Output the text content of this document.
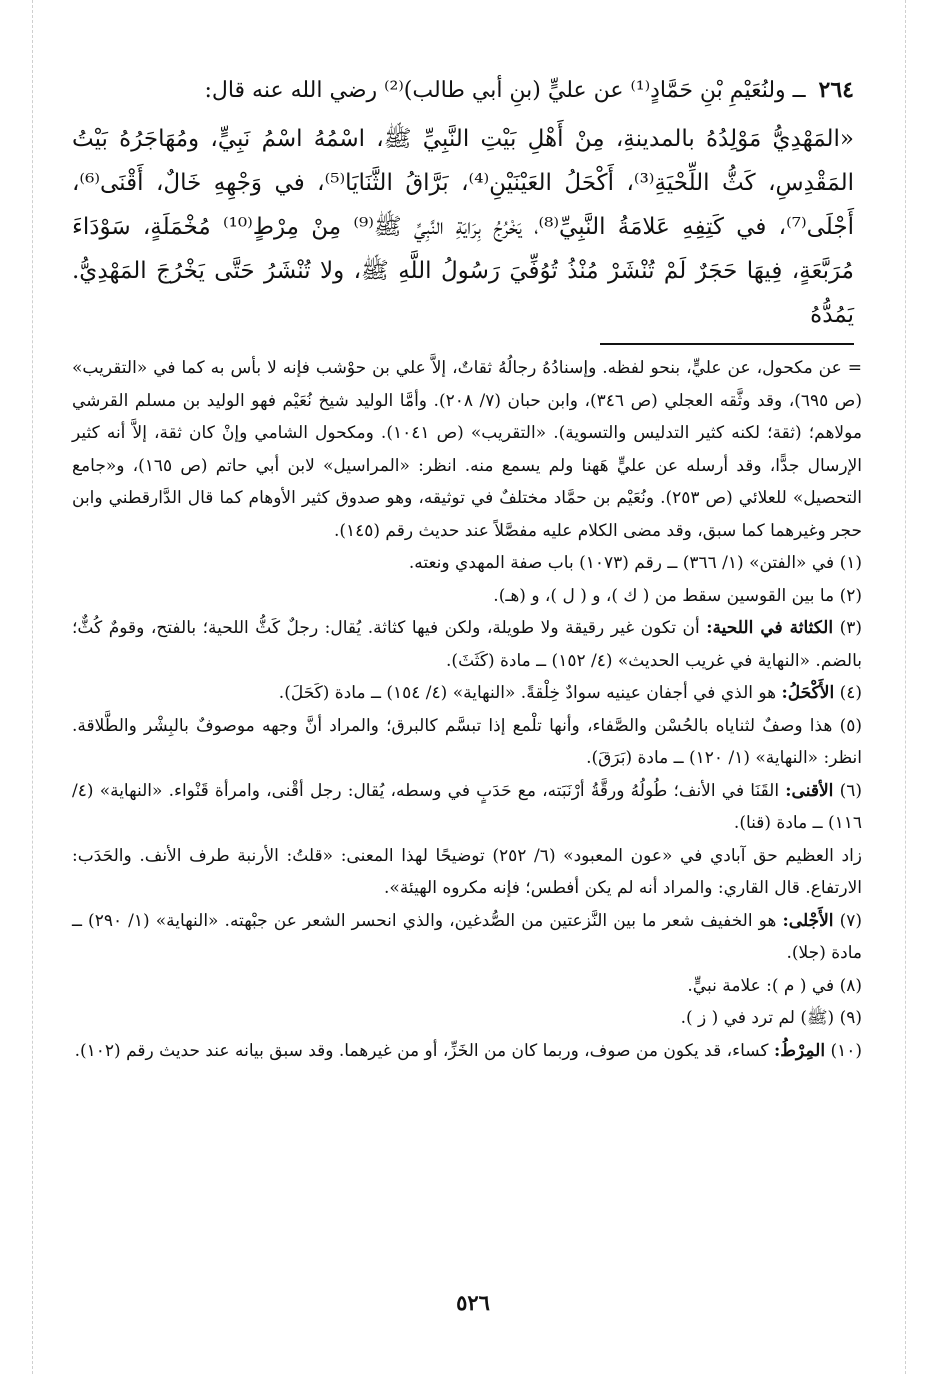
٢٦٤ ــ ولنُعَيْمِ بْنِ حَمَّادٍ⁽¹⁾ عن عليٍّ (بنِ أبي طالب)⁽²⁾ رضي الله عنه قال:
«المَهْدِيُّ مَوْلِدُهُ بالمدينةِ، مِنْ أَهْلِ بَيْتِ النَّبِيِّ ﷺ، اسْمُهُ اسْمُ نَبِيٍّ، ومُهَاجَرُهُ بَيْتُ المَقْدِسِ، كَثُّ اللِّحْيَةِ⁽³⁾، أَكْحَلُ العَيْنَيْنِ⁽⁴⁾، بَرَّاقُ الثَّنَايَا⁽⁵⁾، في وَجْهِهِ خَالٌ، أَقْنَى⁽⁶⁾، أَجْلَى⁽⁷⁾، في كَتِفِهِ عَلامَةُ النَّبِيِّ⁽⁸⁾، يَخْرُجُ بِرَايَةِ النَّبِيِّ ﷺ⁽⁹⁾ مِنْ مِرْطٍ⁽¹⁰⁾ مُخْمَلَةٍ، سَوْدَاءَ مُرَبَّعَةٍ، فِيهَا حَجَرٌ لَمْ تُنْشَرْ مُنْذُ تُوُفِّيَ رَسُولُ اللَّهِ ﷺ، ولا تُنْشَرُ حَتَّى يَخْرُجَ المَهْدِيُّ. يَمُدُّهُ

= عن مكحول، عن عليٍّ، بنحو لفظه. وإسنادُهُ رجالُهُ ثقاتٌ، إلاَّ علي بن حوْشب فإنه لا بأس به كما في «التقريب» (ص ٦٩٥)، وقد وثَّقه العجلي (ص ٣٤٦)، وابن حبان (٧/ ٢٠٨). وأمَّا الوليد شيخ نُعَيْم فهو الوليد بن مسلم القرشي مولاهم؛ (ثقة؛ لكنه كثير التدليس والتسوية). «التقريب» (ص ١٠٤١). ومكحول الشامي وإنْ كان ثقة، إلاَّ أنه كثير الإرسال جدًّا، وقد أرسله عن عليٍّ هَهنا ولم يسمع منه. انظر: «المراسيل» لابن أبي حاتم (ص ١٦٥)، و«جامع التحصيل» للعلائي (ص ٢٥٣). ونُعَيْم بن حمَّاد مختلفٌ في توثيقه، وهو صدوق كثير الأوهام كما قال الدَّارقطني وابن حجر وغيرهما كما سبق، وقد مضى الكلام عليه مفصَّلاً عند حديث رقم (١٤٥).

(١) في «الفتن» (١/ ٣٦٦) ــ رقم (١٠٧٣) باب صفة المهدي ونعته.

(٢) ما بين القوسين سقط من ( ك )، و ( ل )، و (هـ).

(٣) الكثاثة في اللحية: أن تكون غير رقيقة ولا طويلة، ولكن فيها كثاثة. يُقال: رجلٌ كَثُّ اللحية؛ بالفتح، وقومٌ كُثٌّ؛ بالضم. «النهاية في غريب الحديث» (٤/ ١٥٢) ــ مادة (كَثَثَ).

(٤) الأَكْحَلُ: هو الذي في أجفان عينيه سوادٌ خِلْقةً. «النهاية» (٤/ ١٥٤) ــ مادة (كَحَلَ).

(٥) هذا وصفٌ لثناياه بالحُسْن والصَّفاء، وأنها تلْمع إذا تبسَّم كالبرق؛ والمراد أنَّ وجهه موصوفٌ بالبِشْر والطَّلاقة. انظر: «النهاية» (١/ ١٢٠) ــ مادة (بَرَقَ).

(٦) الأقنى: القَنَا في الأنف؛ طُولُهُ ورقَّةُ أرْنَبَته، مع حَدَبٍ في وسطه، يُقال: رجل أقْنى، وامرأة قَنْواء. «النهاية» (٤/ ١١٦) ــ مادة (قنا).

زاد العظيم حق آبادي في «عون المعبود» (٦/ ٢٥٢) توضيحًا لهذا المعنى: «قلتُ: الأرنبة طرف الأنف. والحَدَب: الارتفاع. قال القاري: والمراد أنه لم يكن أفطس؛ فإنه مكروه الهيئة».

(٧) الأَجْلى: هو الخفيف شعر ما بين النَّزعتين من الصُّدغين، والذي انحسر الشعر عن جبْهته. «النهاية» (١/ ٢٩٠) ــ مادة (جلا).

(٨) في ( م ): علامة نبيٍّ.

(٩) (ﷺ) لم ترد في ( ز ).

(١٠) المِرْطُ: كساء، قد يكون من صوف، وربما كان من الخَزِّ، أو من غيرهما. وقد سبق بيانه عند حديث رقم (١٠٢).

٥٢٦
